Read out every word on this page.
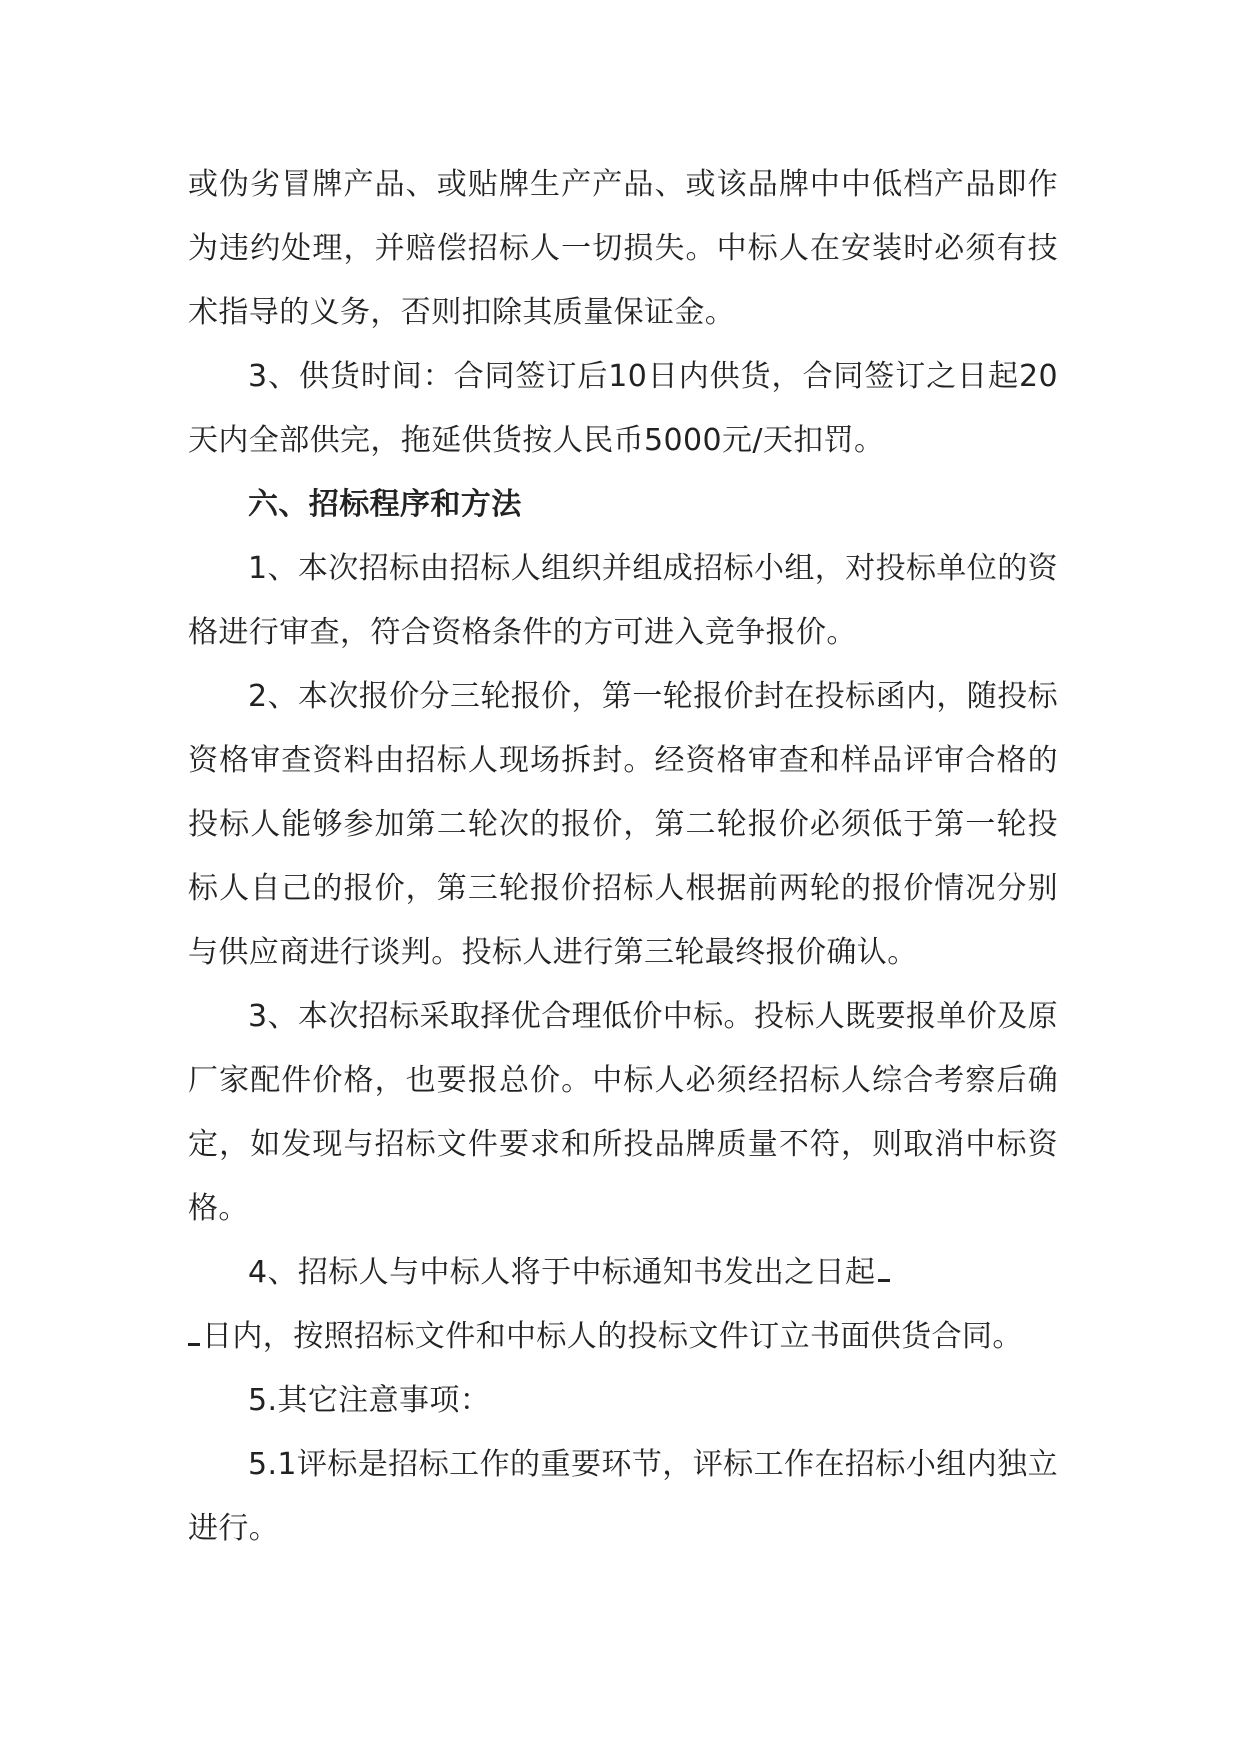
或伪劣冒牌产品、或贴牌生产产品、或该品牌中中低档产品即作为违约处理，并赔偿招标人一切损失。中标人在安装时必须有技术指导的义务，否则扣除其质量保证金。

3、供货时间：合同签订后10日内供货，合同签订之日起20天内全部供完，拖延供货按人民币5000元/天扣罚。

六、招标程序和方法

1、本次招标由招标人组织并组成招标小组，对投标单位的资格进行审查，符合资格条件的方可进入竞争报价。

2、本次报价分三轮报价，第一轮报价封在投标函内，随投标资格审查资料由招标人现场拆封。经资格审查和样品评审合格的投标人能够参加第二轮次的报价，第二轮报价必须低于第一轮投标人自己的报价，第三轮报价招标人根据前两轮的报价情况分别与供应商进行谈判。投标人进行第三轮最终报价确认。

3、本次招标采取择优合理低价中标。投标人既要报单价及原厂家配件价格，也要报总价。中标人必须经招标人综合考察后确定，如发现与招标文件要求和所投品牌质量不符，则取消中标资格。

4、招标人与中标人将于中标通知书发出之日起
日内，按照招标文件和中标人的投标文件订立书面供货合同。

5.其它注意事项：

5.1评标是招标工作的重要环节，评标工作在招标小组内独立进行。
